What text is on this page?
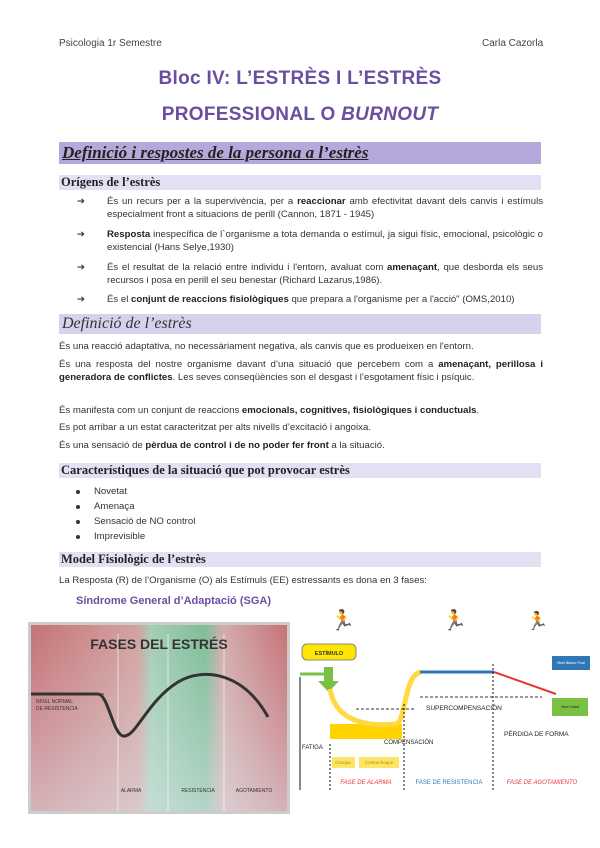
Psicologia 1r Semestre	Carla Cazorla
Bloc IV: L’ESTRÈS I L’ESTRÈS
PROFESSIONAL O BURNOUT
Definició i respostes de la persona a l’estrès
Orígens de l’estrès
➔ És un recurs per a la supervivència, per a reaccionar amb efectivitat davant dels canvis i estímuls especialment front a situacions de perill (Cannon, 1871 - 1945)
➔ Resposta inespecífica de l`organisme a tota demanda o estímul, ja sigui físic, emocional, psicològic o existencial (Hans Selye,1930)
➔ És el resultat de la relació entre individu i l'entorn, avaluat com amenaçant, que desborda els seus recursos i posa en perill el seu benestar (Richard Lazarus,1986).
➔ És el conjunt de reaccions fisiològiques que prepara a l'organisme per a l'acció" (OMS,2010)
Definició de l’estrès
És una reacció adaptativa, no necessàriament negativa, als canvis que es produeixen en l'entorn.
És una resposta del nostre organisme davant d’una situació que percebem com a amenaçant, perillosa i generadora de conflictes. Les seves conseqüències son el desgast i l’esgotament físic i psíquic.
És manifesta com un conjunt de reaccions emocionals, cognitives, fisiològiques i conductuals.
Es pot arribar a un estat caracteritzat per alts nivells d’excitació i angoixa.
És una sensació de pèrdua de control i de no poder fer front a la situació.
Característiques de la situació que pot provocar estrès
Novetat
Amenaça
Sensació de NO control
Imprevisible
Model Fisiològic de l’estrès
La Resposta (R) de l’Organisme (O) als Estímuls (EE) estressants es dona en 3 fases:
Síndrome General d’Adaptació (SGA)
FASES DEL ESTRÉS
NIVEL NORMAL
DE RESISTENCIA
ALARMA	RESISTENCIA	AGOTAMIENTO
🏃	🏃	🏃
ESTÍMULO
Nivel Básico Final
Nivel Inicial
SUPERCOMPENSACIÓN
PÉRDIDA DE FORMA
COMPENSACIÓN
FATIGA
FASE DE ALARMA	FASE DE RESISTENCIA	FASE DE AGOTAMIENTO
